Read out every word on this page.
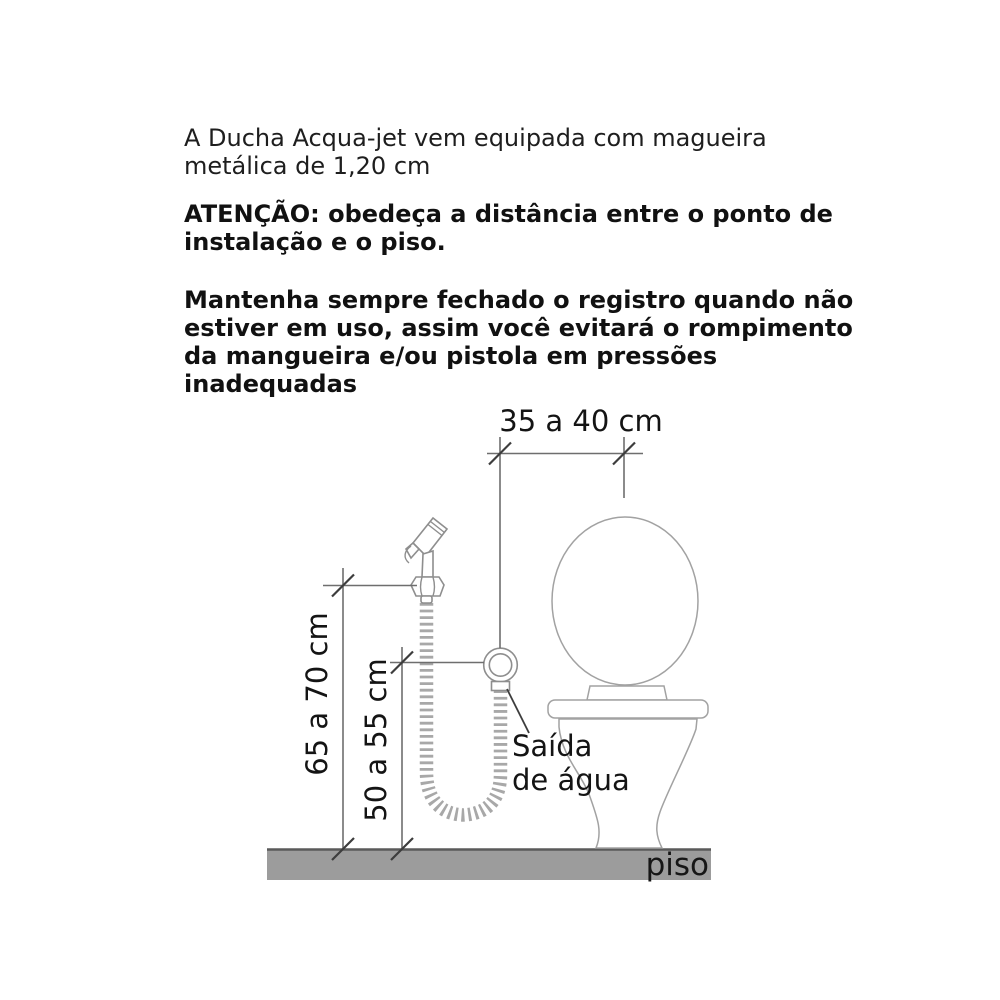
A Ducha Acqua-jet vem equipada com magueira
metálica de 1,20 cm
ATENÇÃO: obedeça a distância entre o ponto de
instalação e o piso.
Mantenha sempre fechado o registro quando não
estiver em uso, assim você evitará o rompimento
da mangueira e/ou pistola em pressões
inadequadas
35 a 40 cm
65 a 70 cm 50 a 55 cm	Saída
de água
piso
